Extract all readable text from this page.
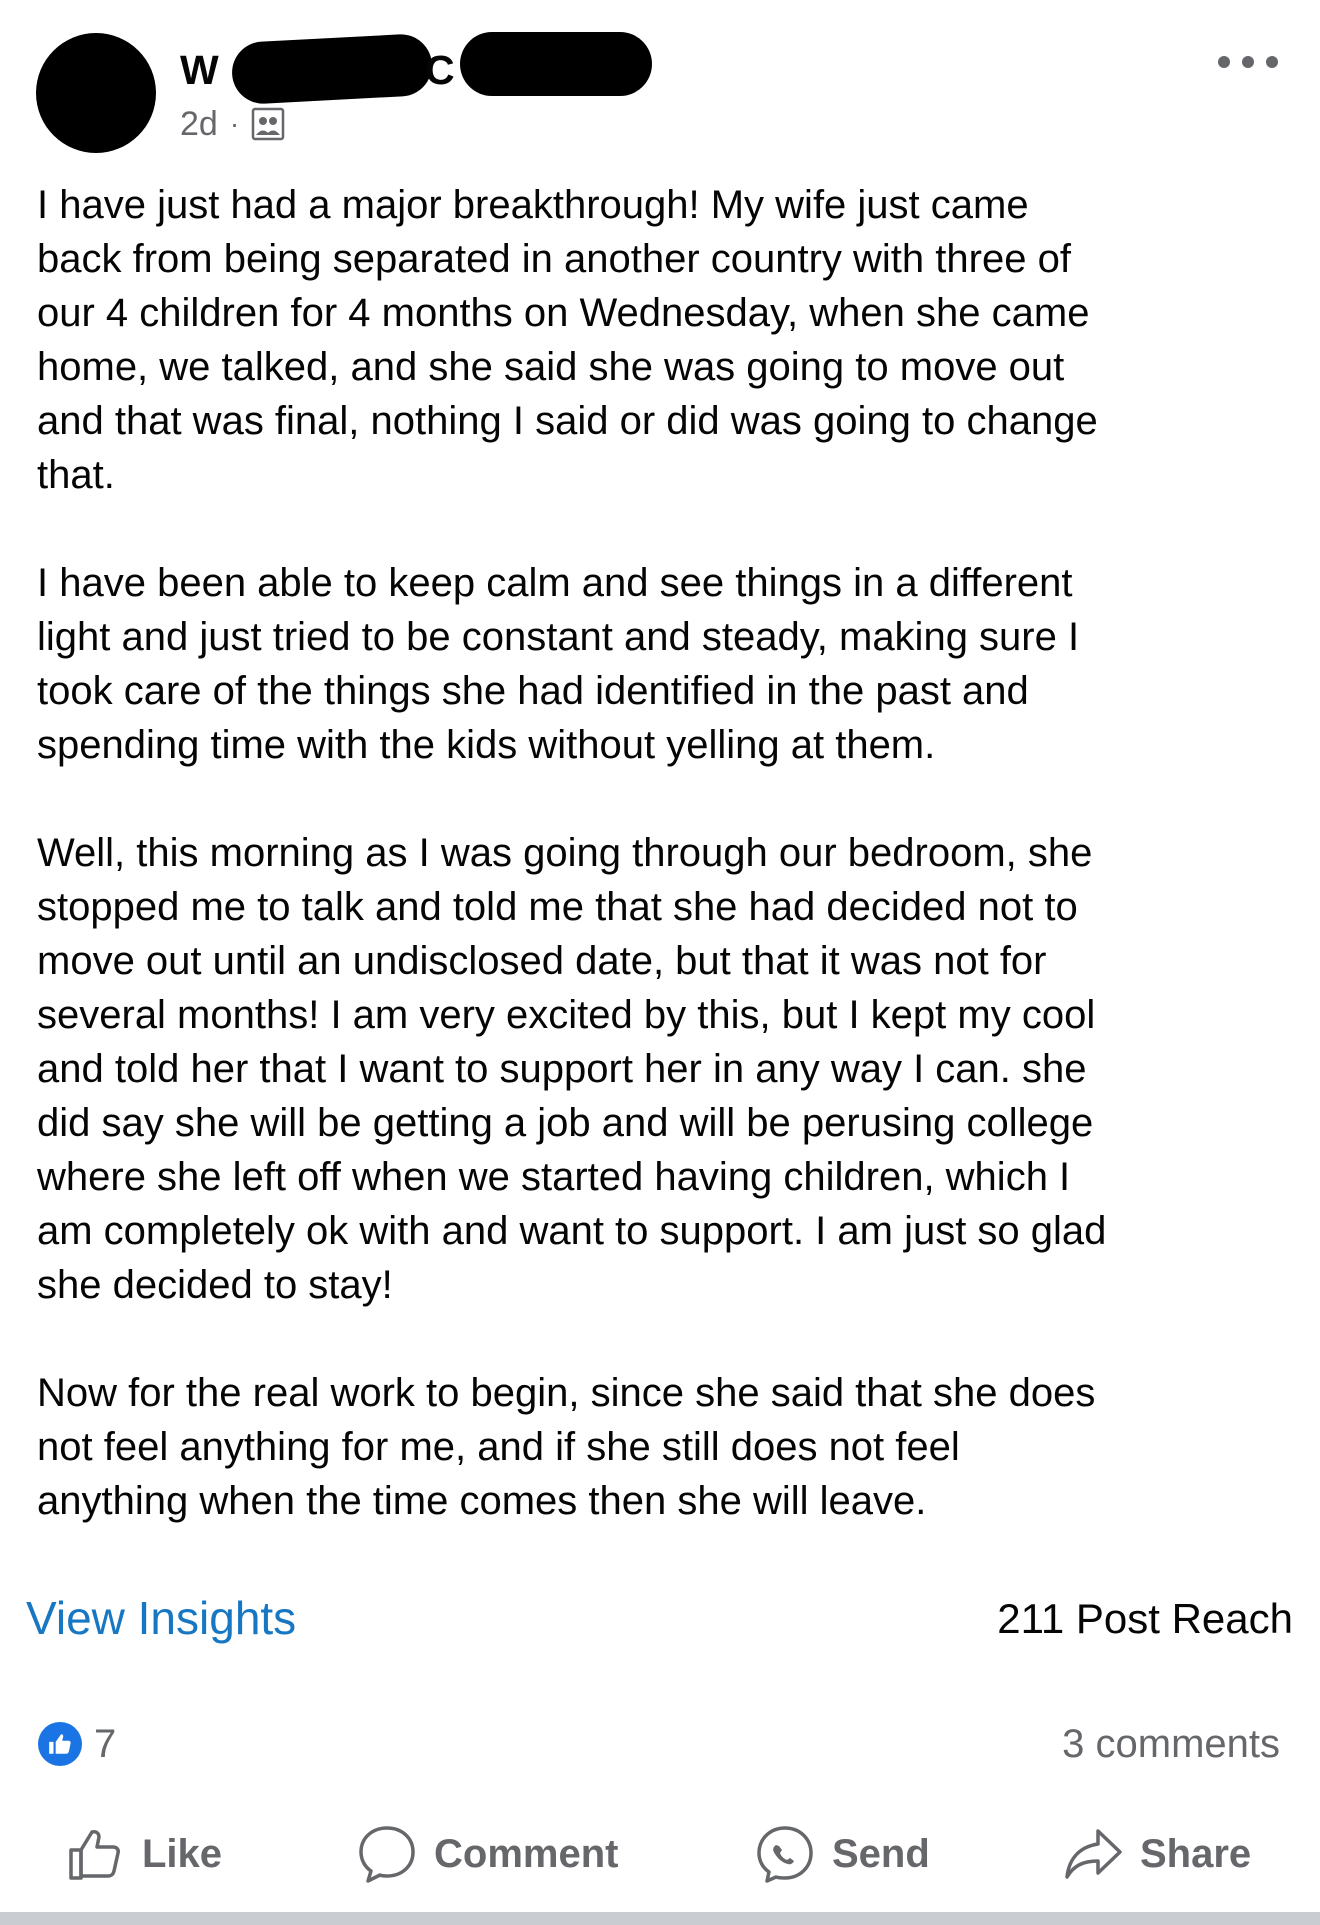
W	C
2d ·

I have just had a major breakthrough! My wife just came
back from being separated in another country with three of
our 4 children for 4 months on Wednesday, when she came
home, we talked, and she said she was going to move out
and that was final, nothing I said or did was going to change
that.

I have been able to keep calm and see things in a different
light and just tried to be constant and steady, making sure I
took care of the things she had identified in the past and
spending time with the kids without yelling at them.

Well, this morning as I was going through our bedroom, she
stopped me to talk and told me that she had decided not to
move out until an undisclosed date, but that it was not for
several months! I am very excited by this, but I kept my cool
and told her that I want to support her in any way I can. she
did say she will be getting a job and will be perusing college
where she left off when we started having children, which I
am completely ok with and want to support. I am just so glad
she decided to stay!

Now for the real work to begin, since she said that she does
not feel anything for me, and if she still does not feel
anything when the time comes then she will leave.

View Insights	211 Post Reach
7	3 comments
Like	Comment	Send	Share
